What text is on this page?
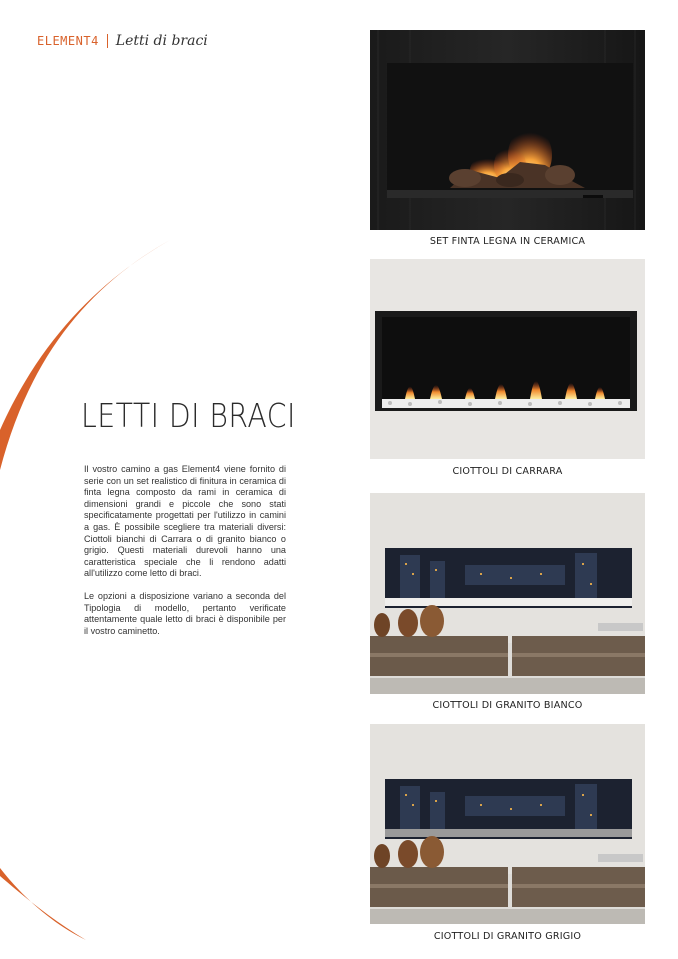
ELEMENT4 Letti di braci
LETTI DI BRACI

Il vostro camino a gas Element4 viene fornito di serie con un set realistico di finitura in ceramica di finta legna composto da rami in ceramica di dimensioni grandi e piccole che sono stati specificatamente progettati per l'utilizzo in camini a gas. È possibile scegliere tra materiali diversi: Ciottoli bianchi di Carrara o di granito bianco o grigio. Questi materiali durevoli hanno una caratteristica speciale che li rendono adatti all'utilizzo come letto di braci.

Le opzioni a disposizione variano a seconda del Tipologia di modello, pertanto verificate attentamente quale letto di braci è disponibile per il vostro caminetto.

SET FINTA LEGNA IN CERAMICA
CIOTTOLI DI CARRARA
CIOTTOLI DI GRANITO BIANCO
CIOTTOLI DI GRANITO GRIGIO
